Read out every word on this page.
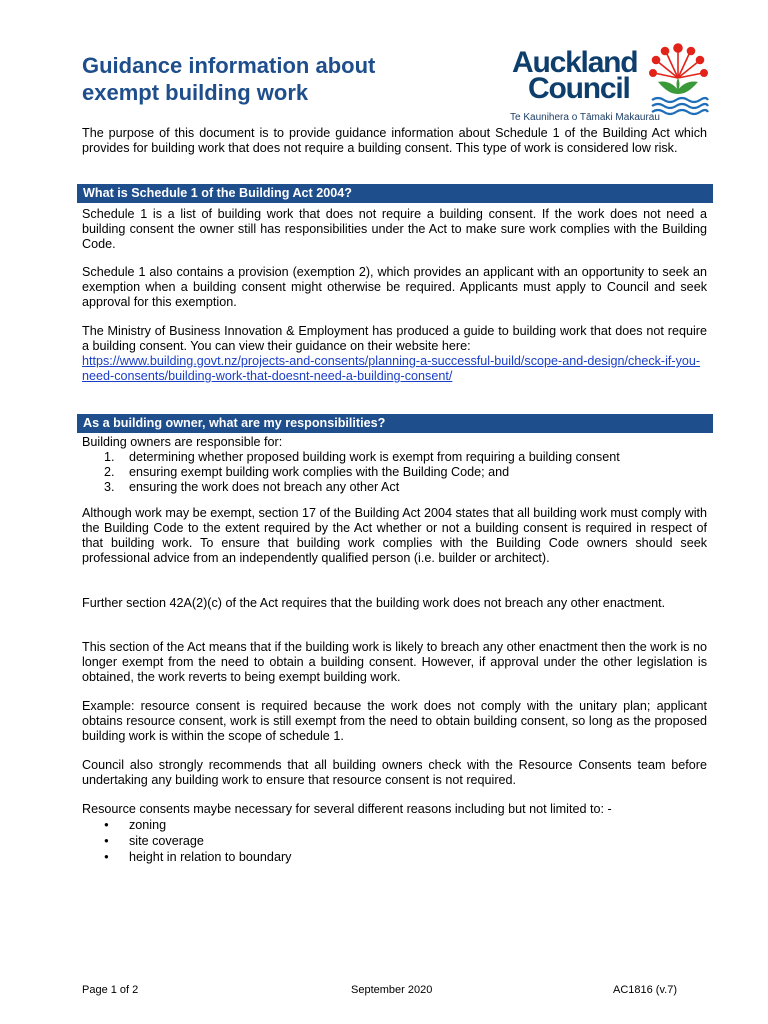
Guidance information about
exempt building work
Auckland
Council
Te Kaunihera o Tāmaki Makaurau

The purpose of this document is to provide guidance information about Schedule 1 of the Building Act which provides for building work that does not require a building consent. This type of work is considered low risk.

What is Schedule 1 of the Building Act 2004?

Schedule 1 is a list of building work that does not require a building consent. If the work does not need a building consent the owner still has responsibilities under the Act to make sure work complies with the Building Code.

Schedule 1 also contains a provision (exemption 2), which provides an applicant with an opportunity to seek an exemption when a building consent might otherwise be required. Applicants must apply to Council and seek approval for this exemption.

The Ministry of Business Innovation & Employment has produced a guide to building work that does not require a building consent. You can view their guidance on their website here:

https://www.building.govt.nz/projects-and-consents/planning-a-successful-build/scope-and-design/check-if-you-need-consents/building-work-that-doesnt-need-a-building-consent/

As a building owner, what are my responsibilities?

Building owners are responsible for:

1. determining whether proposed building work is exempt from requiring a building consent
2. ensuring exempt building work complies with the Building Code; and
3. ensuring the work does not breach any other Act

Although work may be exempt, section 17 of the Building Act 2004 states that all building work must comply with the Building Code to the extent required by the Act whether or not a building consent is required in respect of that building work. To ensure that building work complies with the Building Code owners should seek professional advice from an independently qualified person (i.e. builder or architect).

Further section 42A(2)(c) of the Act requires that the building work does not breach any other enactment.

This section of the Act means that if the building work is likely to breach any other enactment then the work is no longer exempt from the need to obtain a building consent. However, if approval under the other legislation is obtained, the work reverts to being exempt building work.

Example: resource consent is required because the work does not comply with the unitary plan; applicant obtains resource consent, work is still exempt from the need to obtain building consent, so long as the proposed building work is within the scope of schedule 1.

Council also strongly recommends that all building owners check with the Resource Consents team before undertaking any building work to ensure that resource consent is not required.

Resource consents maybe necessary for several different reasons including but not limited to: -

● zoning
● site coverage
● height in relation to boundary
Page 1 of 2	September 2020	AC1816 (v.7)
